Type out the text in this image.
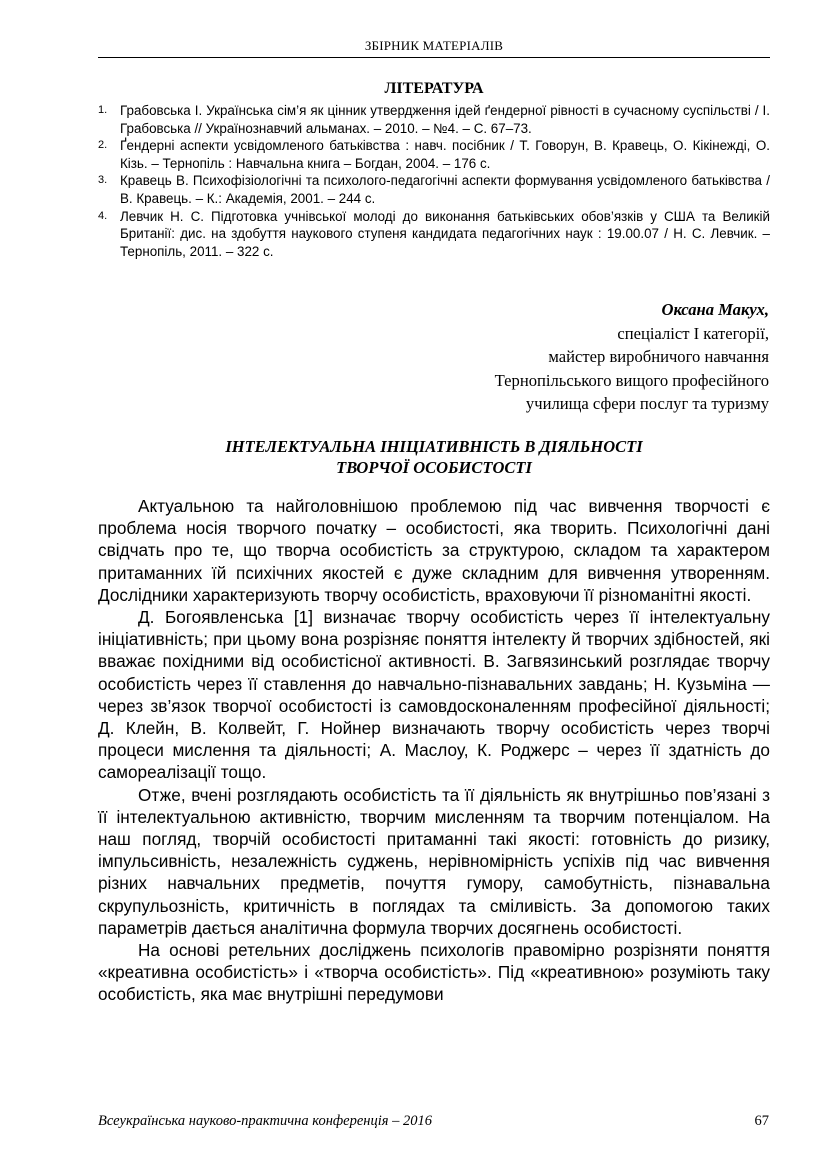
ЗБІРНИК МАТЕРІАЛІВ
ЛІТЕРАТУРА
1. Грабовська І. Українська сім’я як цінник утвердження ідей ґендерної рівності в сучасному суспільстві / І. Грабовська // Українознавчий альманах. – 2010. – №4. – С. 67–73.
2. Ґендерні аспекти усвідомленого батьківства : навч. посібник / Т. Говорун, В. Кравець, О. Кікінежді, О. Кізь. – Тернопіль : Навчальна книга – Богдан, 2004. – 176 с.
3. Кравець В. Психофізіологічні та психолого-педагогічні аспекти формування усвідомленого батьківства / В. Кравець. – К.: Академія, 2001. – 244 с.
4. Левчик Н. С. Підготовка учнівської молоді до виконання батьківських обов’язків у США та Великій Британії: дис. на здобуття наукового ступеня кандидата педагогічних наук : 19.00.07 / Н. С. Левчик. – Тернопіль, 2011. – 322 с.
Оксана Макух,
спеціаліст І категорії,
майстер виробничого навчання
Тернопільського вищого професійного
училища сфери послуг та туризму
ІНТЕЛЕКТУАЛЬНА ІНІЦІАТИВНІСТЬ В ДІЯЛЬНОСТІ
ТВОРЧОЇ ОСОБИСТОСТІ

Актуальною та найголовнішою проблемою під час вивчення творчості є проблема носія творчого початку – особистості, яка творить. Психологічні дані свідчать про те, що творча особистість за структурою, складом та характером притаманних їй психічних якостей є дуже складним для вивчення утворенням. Дослідники характеризують творчу особистість, враховуючи її різноманітні якості.

Д. Богоявленська [1] визначає творчу особистість через її інтелектуальну ініціативність; при цьому вона розрізняє поняття інтелекту й творчих здібностей, які вважає похідними від особистісної активності. В. Загвязинський розглядає творчу особистість через її ставлення до навчально-пізнавальних завдань; Н. Кузьміна — через зв’язок творчої особистості із самовдосконаленням професійної діяльності; Д. Клейн, В. Колвейт, Г. Нойнер визначають творчу особистість через творчі процеси мислення та діяльності; А. Маслоу, К. Роджерс – через її здатність до самореалізації тощо.

Отже, вчені розглядають особистість та її діяльність як внутрішньо пов’язані з її інтелектуальною активністю, творчим мисленням та творчим потенціалом. На наш погляд, творчій особистості притаманні такі якості: готовність до ризику, імпульсивність, незалежність суджень, нерівномірність успіхів під час вивчення різних навчальних предметів, почуття гумору, самобутність, пізнавальна скрупульозність, критичність в поглядах та сміливість. За допомогою таких параметрів дається аналітична формула творчих досягнень особистості.

На основі ретельних досліджень психологів правомірно розрізняти поняття «креативна особистість» і «творча особистість». Під «креативною» розуміють таку особистість, яка має внутрішні передумови

Всеукраїнська науково-практична конференція – 2016	67
